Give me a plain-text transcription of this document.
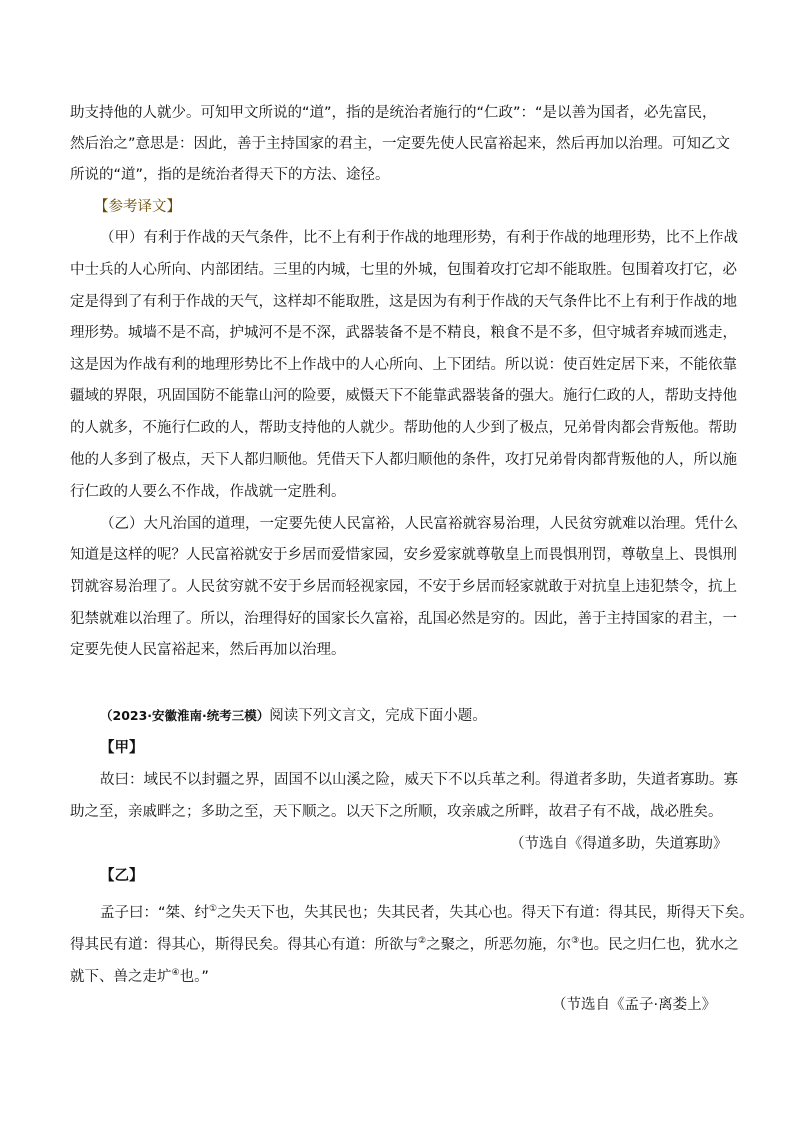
助支持他的人就少。可知甲文所说的“道”，指的是统治者施行的“仁政”：“是以善为国者，必先富民，
然后治之”意思是：因此，善于主持国家的君主，一定要先使人民富裕起来，然后再加以治理。可知乙文
所说的“道”，指的是统治者得天下的方法、途径。
【参考译文】
（甲）有利于作战的天气条件，比不上有利于作战的地理形势，有利于作战的地理形势，比不上作战
中士兵的人心所向、内部团结。三里的内城，七里的外城，包围着攻打它却不能取胜。包围着攻打它，必
定是得到了有利于作战的天气，这样却不能取胜，这是因为有利于作战的天气条件比不上有利于作战的地
理形势。城墙不是不高，护城河不是不深，武器装备不是不精良，粮食不是不多，但守城者弃城而逃走，
这是因为作战有利的地理形势比不上作战中的人心所向、上下团结。所以说：使百姓定居下来，不能依靠
疆域的界限，巩固国防不能靠山河的险要，威慑天下不能靠武器装备的强大。施行仁政的人，帮助支持他
的人就多，不施行仁政的人，帮助支持他的人就少。帮助他的人少到了极点，兄弟骨肉都会背叛他。帮助
他的人多到了极点，天下人都归顺他。凭借天下人都归顺他的条件，攻打兄弟骨肉都背叛他的人，所以施
行仁政的人要么不作战，作战就一定胜利。
（乙）大凡治国的道理，一定要先使人民富裕，人民富裕就容易治理，人民贫穷就难以治理。凭什么
知道是这样的呢？人民富裕就安于乡居而爱惜家园，安乡爱家就尊敬皇上而畏惧刑罚，尊敬皇上、畏惧刑
罚就容易治理了。人民贫穷就不安于乡居而轻视家园，不安于乡居而轻家就敢于对抗皇上违犯禁令，抗上
犯禁就难以治理了。所以，治理得好的国家长久富裕，乱国必然是穷的。因此，善于主持国家的君主，一
定要先使人民富裕起来，然后再加以治理。
（2023·安徽淮南·统考三模）阅读下列文言文，完成下面小题。
【甲】
故曰：域民不以封疆之界，固国不以山溪之险，威天下不以兵革之利。得道者多助，失道者寡助。寡
助之至，亲戚畔之；多助之至，天下顺之。以天下之所顺，攻亲戚之所畔，故君子有不战，战必胜矣。
（节选自《得道多助，失道寡助》
【乙】
孟子曰：“桀、纣①之失天下也，失其民也；失其民者，失其心也。得天下有道：得其民，斯得天下矣。
得其民有道：得其心，斯得民矣。得其心有道：所欲与②之聚之，所恶勿施，尔③也。民之归仁也，犹水之
就下、兽之走圹④也。”
（节选自《孟子·离娄上》
